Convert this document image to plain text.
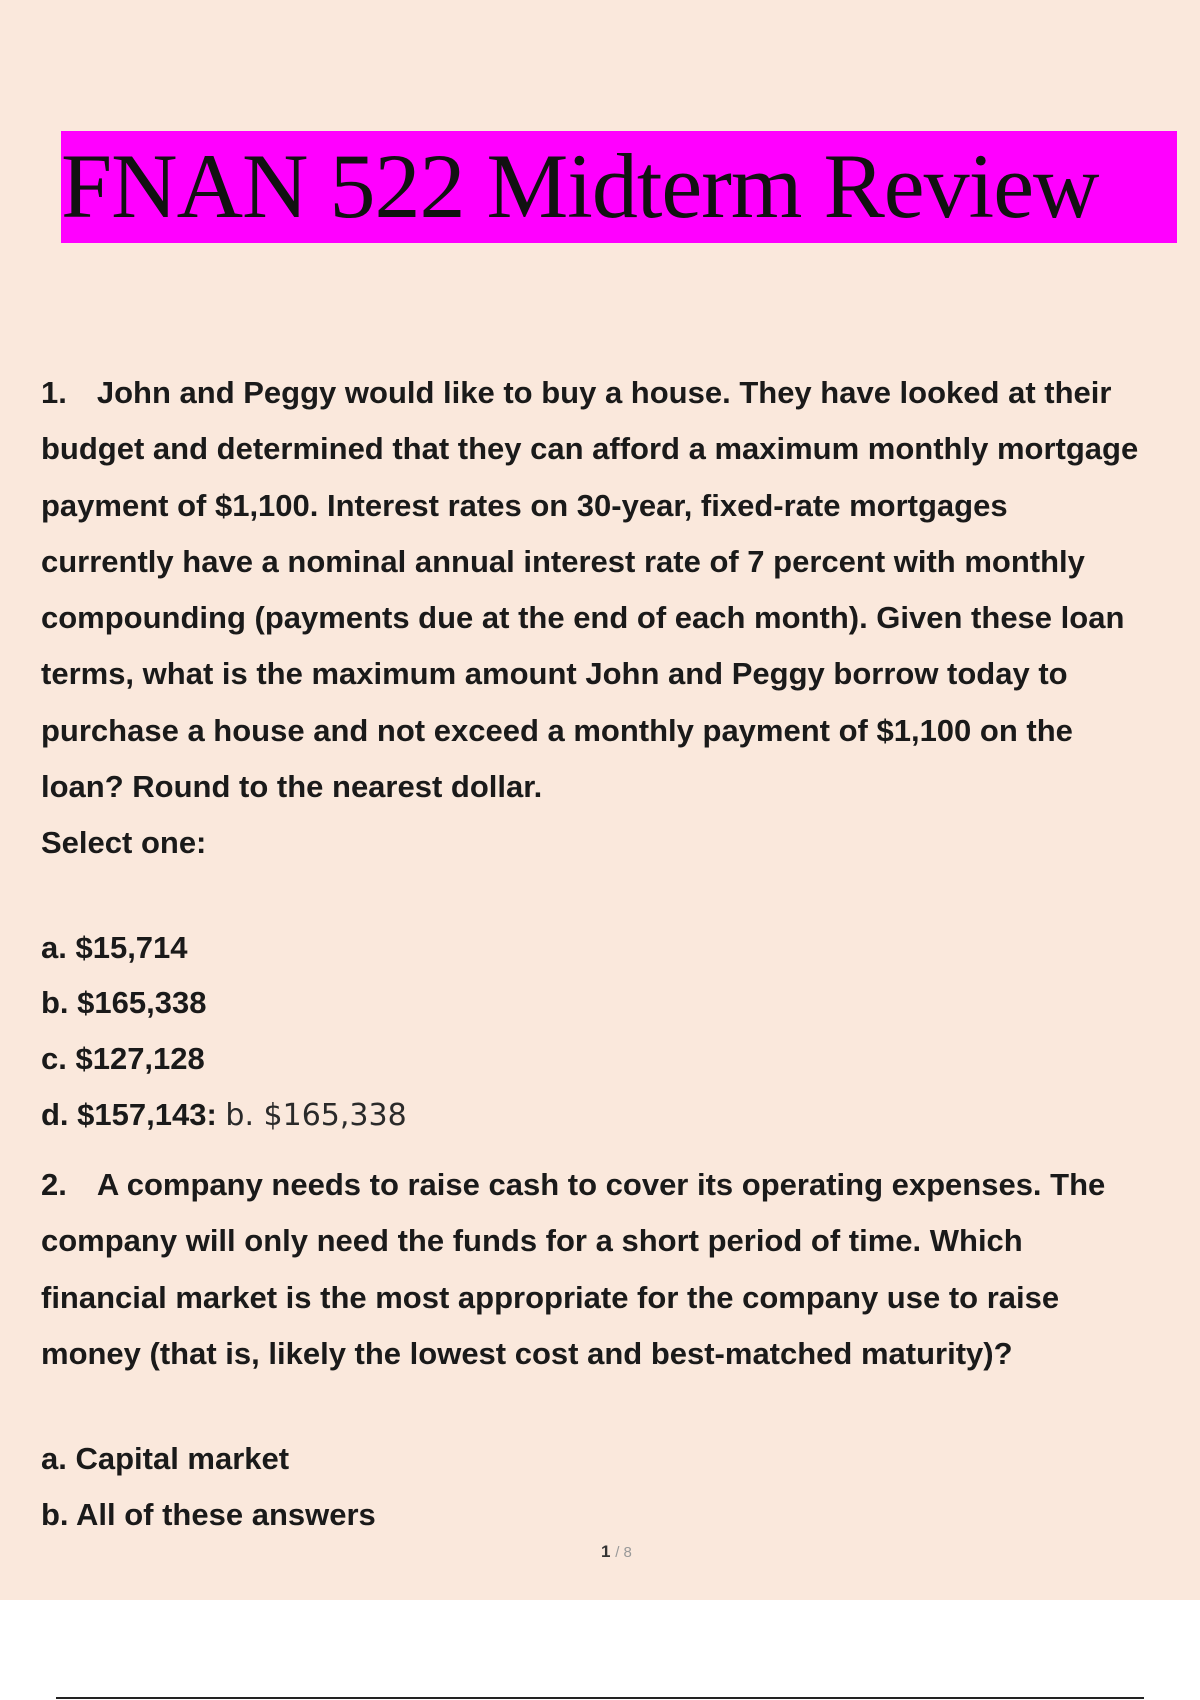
FNAN 522 Midterm Review
1. John and Peggy would like to buy a house. They have looked at their
budget and determined that they can afford a maximum monthly mortgage
payment of $1,100. Interest rates on 30-year, fixed-rate mortgages
currently have a nominal annual interest rate of 7 percent with monthly
compounding (payments due at the end of each month). Given these loan
terms, what is the maximum amount John and Peggy borrow today to
purchase a house and not exceed a monthly payment of $1,100 on the
loan? Round to the nearest dollar.
Select one:
a. $15,714
b. $165,338
c. $127,128
d. $157,143: b. $165,338
2. A company needs to raise cash to cover its operating expenses. The
company will only need the funds for a short period of time. Which
financial market is the most appropriate for the company use to raise
money (that is, likely the lowest cost and best-matched maturity)?
a. Capital market
b. All of these answers
1 / 8
